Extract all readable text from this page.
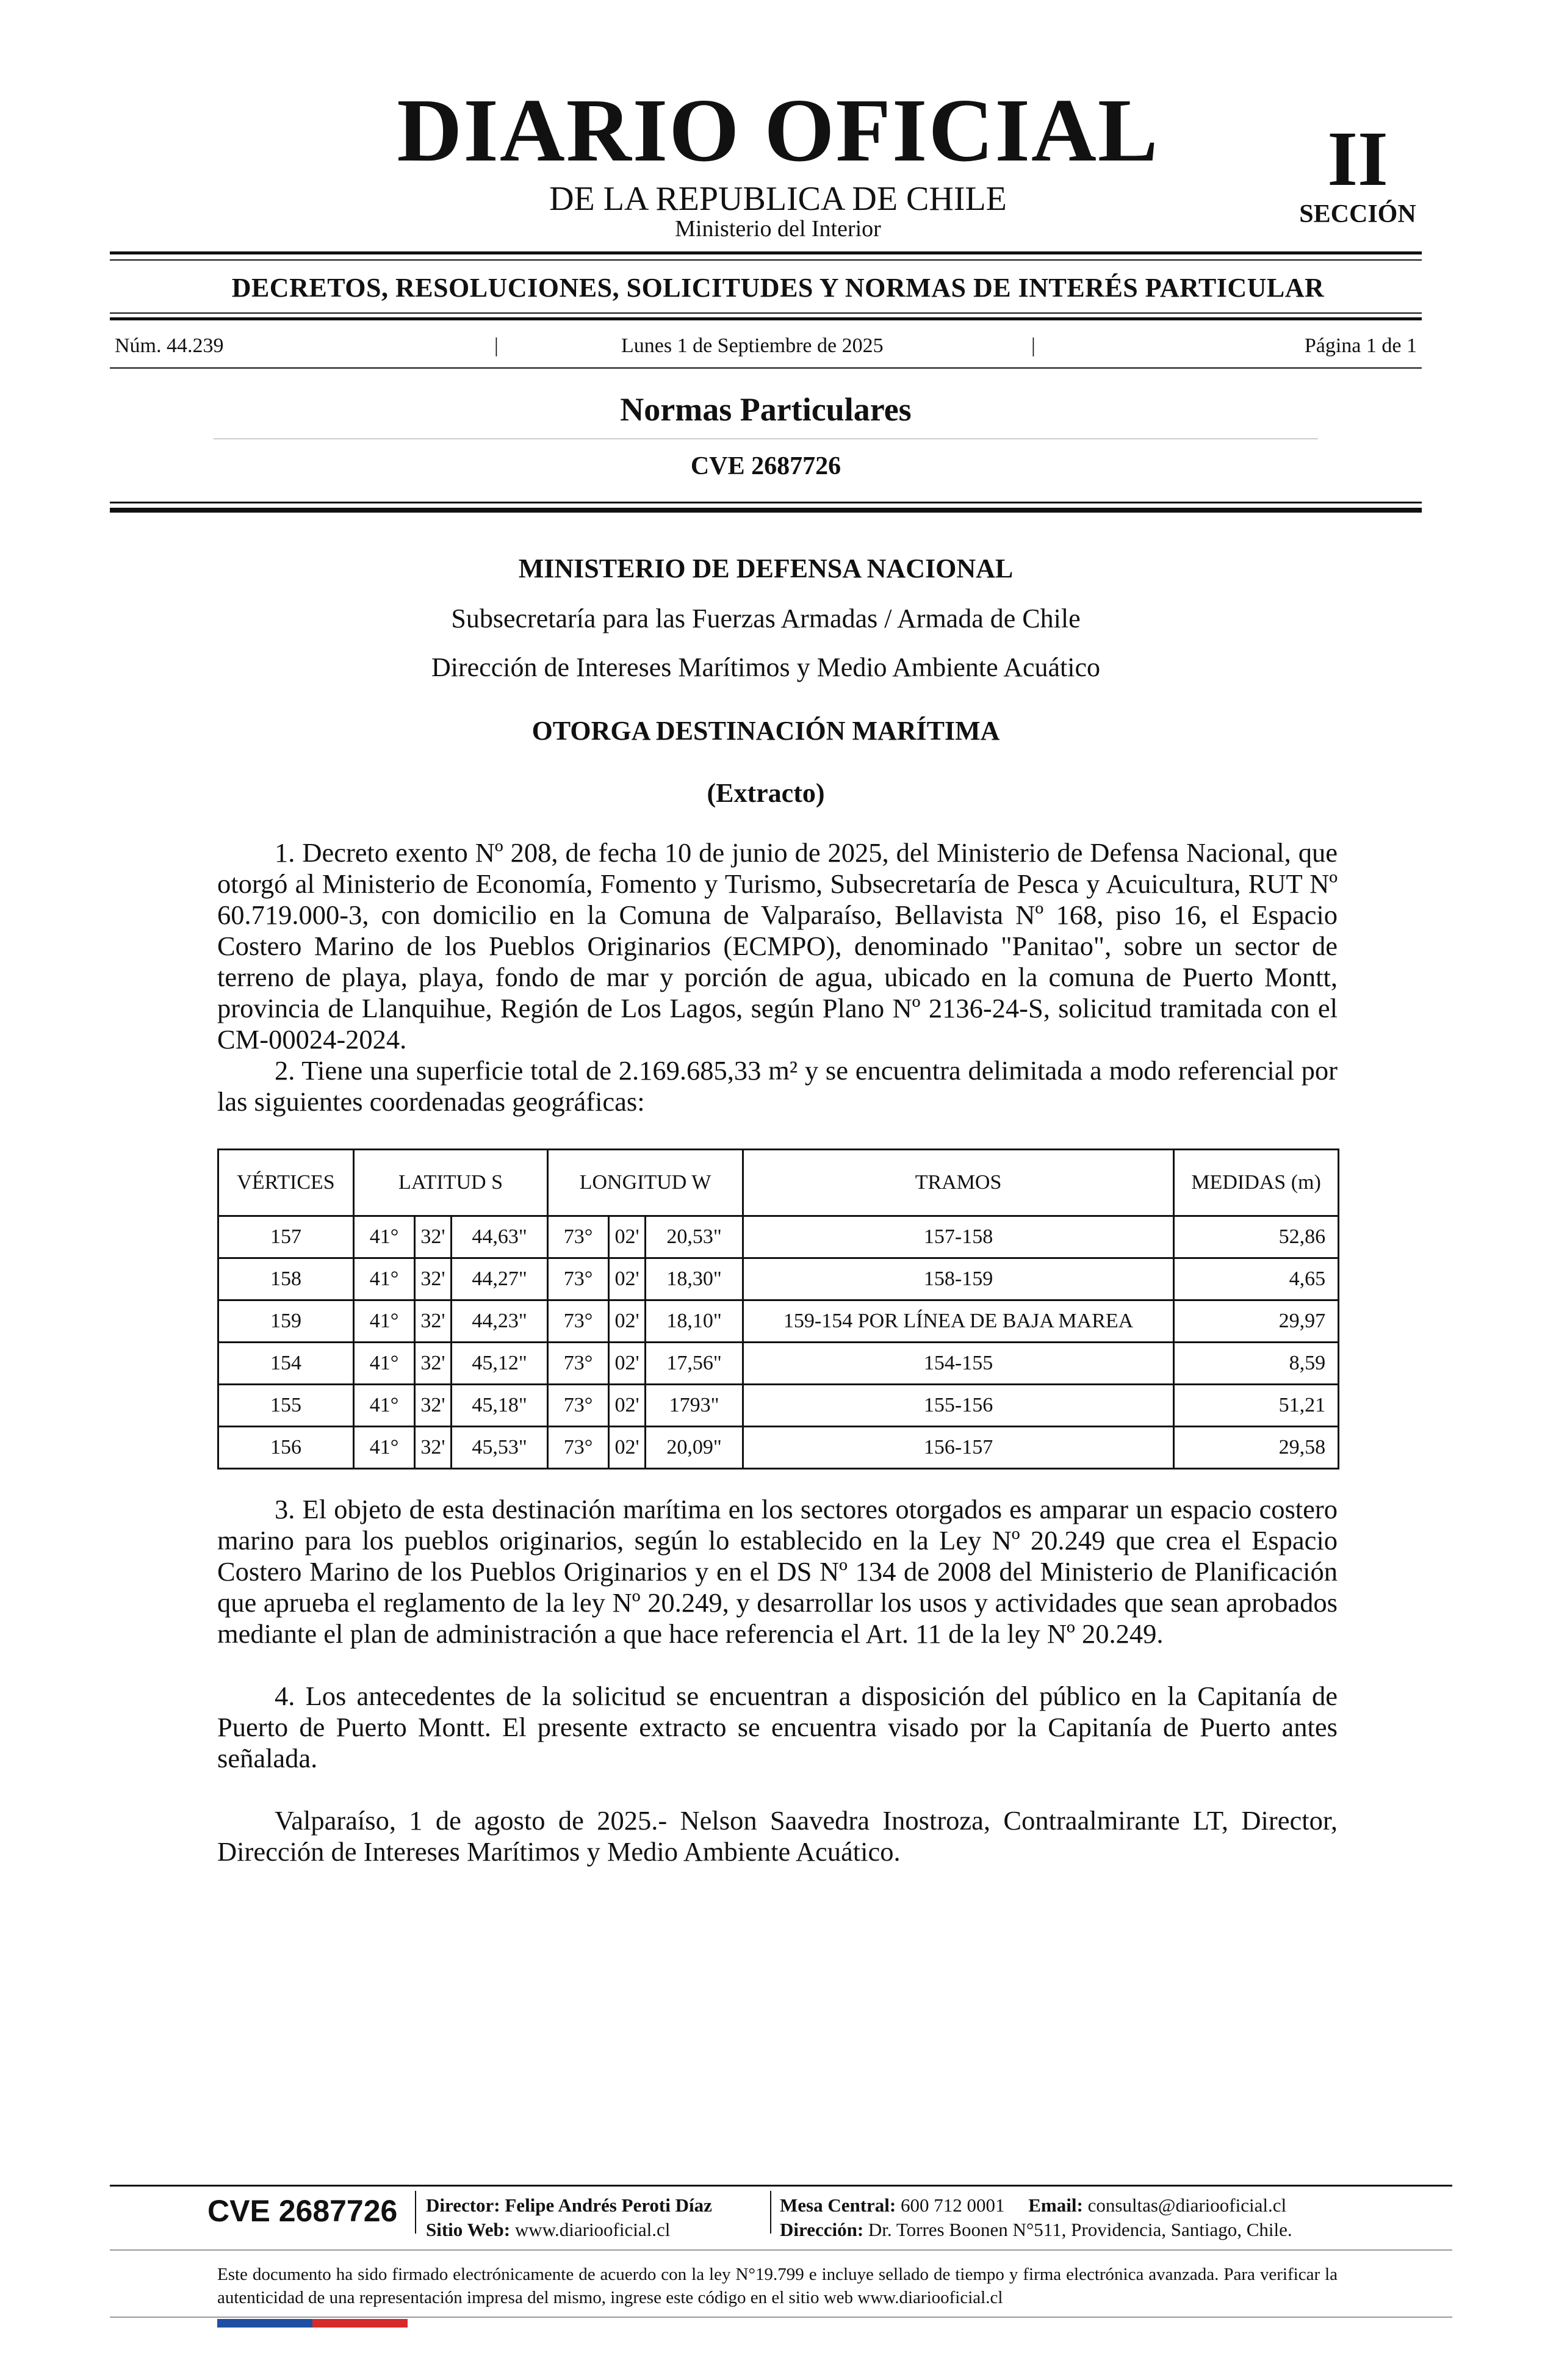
DIARIO OFICIAL
DE LA REPUBLICA DE CHILE
Ministerio del Interior
II
SECCIÓN
DECRETOS, RESOLUCIONES, SOLICITUDES Y NORMAS DE INTERÉS PARTICULAR
Núm. 44.239	|	Lunes 1 de Septiembre de 2025	|	Página 1 de 1
Normas Particulares
CVE 2687726
MINISTERIO DE DEFENSA NACIONAL
Subsecretaría para las Fuerzas Armadas / Armada de Chile
Dirección de Intereses Marítimos y Medio Ambiente Acuático
OTORGA DESTINACIÓN MARÍTIMA
(Extracto)

1. Decreto exento Nº 208, de fecha 10 de junio de 2025, del Ministerio de Defensa Nacional, que otorgó al Ministerio de Economía, Fomento y Turismo, Subsecretaría de Pesca y Acuicultura, RUT Nº 60.719.000-3, con domicilio en la Comuna de Valparaíso, Bellavista Nº 168, piso 16, el Espacio Costero Marino de los Pueblos Originarios (ECMPO), denominado "Panitao", sobre un sector de terreno de playa, playa, fondo de mar y porción de agua, ubicado en la comuna de Puerto Montt, provincia de Llanquihue, Región de Los Lagos, según Plano Nº 2136-24-S, solicitud tramitada con el CM-00024-2024.

2. Tiene una superficie total de 2.169.685,33 m² y se encuentra delimitada a modo referencial por las siguientes coordenadas geográficas:

VÉRTICES	LATITUD S			LONGITUD W			TRAMOS	MEDIDAS (m)
157	41°	32'	44,63"	73°	02'	20,53"	157-158	52,86
158	41°	32'	44,27"	73°	02'	18,30"	158-159	4,65
159	41°	32'	44,23"	73°	02'	18,10"	159-154 POR LÍNEA DE BAJA MAREA	29,97
154	41°	32'	45,12"	73°	02'	17,56"	154-155	8,59
155	41°	32'	45,18"	73°	02'	1793"	155-156	51,21
156	41°	32'	45,53"	73°	02'	20,09"	156-157	29,58

3. El objeto de esta destinación marítima en los sectores otorgados es amparar un espacio costero marino para los pueblos originarios, según lo establecido en la Ley Nº 20.249 que crea el Espacio Costero Marino de los Pueblos Originarios y en el DS Nº 134 de 2008 del Ministerio de Planificación que aprueba el reglamento de la ley Nº 20.249, y desarrollar los usos y actividades que sean aprobados mediante el plan de administración a que hace referencia el Art. 11 de la ley Nº 20.249.

4. Los antecedentes de la solicitud se encuentran a disposición del público en la Capitanía de Puerto de Puerto Montt. El presente extracto se encuentra visado por la Capitanía de Puerto antes señalada.

Valparaíso, 1 de agosto de 2025.- Nelson Saavedra Inostroza, Contraalmirante LT, Director, Dirección de Intereses Marítimos y Medio Ambiente Acuático.

CVE 2687726	Director: Felipe Andrés Peroti Díaz
Sitio Web: www.diariooficial.cl
Mesa Central: 600 712 0001 Email: consultas@diariooficial.cl
Dirección: Dr. Torres Boonen N°511, Providencia, Santiago, Chile.

Este documento ha sido firmado electrónicamente de acuerdo con la ley N°19.799 e incluye sellado de tiempo y firma electrónica avanzada. Para verificar la autenticidad de una representación impresa del mismo, ingrese este código en el sitio web www.diariooficial.cl
